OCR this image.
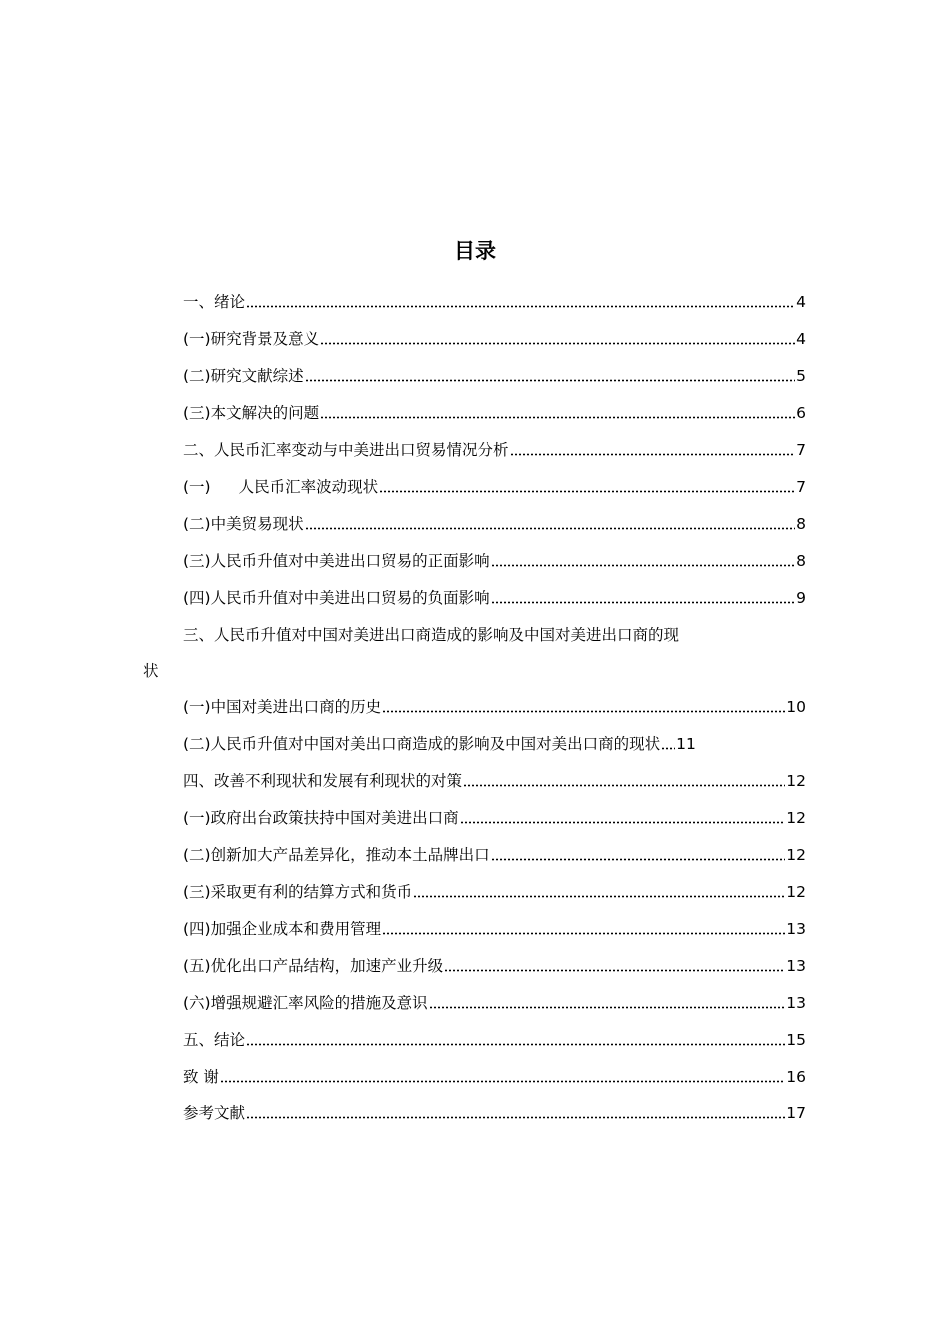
目录
一、绪论	4
(一)研究背景及意义	4
(二)研究文献综述	5
(三)本文解决的问题	6
二、人民币汇率变动与中美进出口贸易情况分析	7
(一) 人民币汇率波动现状	7
(二)中美贸易现状	8
(三)人民币升值对中美进出口贸易的正面影响	8
(四)人民币升值对中美进出口贸易的负面影响	9
三、人民币升值对中国对美进出口商造成的影响及中国对美进出口商的现
状
(一)中国对美进出口商的历史	10
(二)人民币升值对中国对美出口商造成的影响及中国对美出口商的现状 11
四、改善不利现状和发展有利现状的对策	12
(一)政府出台政策扶持中国对美进出口商	12
(二)创新加大产品差异化，推动本土品牌出口	12
(三)采取更有利的结算方式和货币	12
(四)加强企业成本和费用管理	13
(五)优化出口产品结构，加速产业升级	13
(六)增强规避汇率风险的措施及意识	13
五、结论	15
致 谢	16
参考文献	17
